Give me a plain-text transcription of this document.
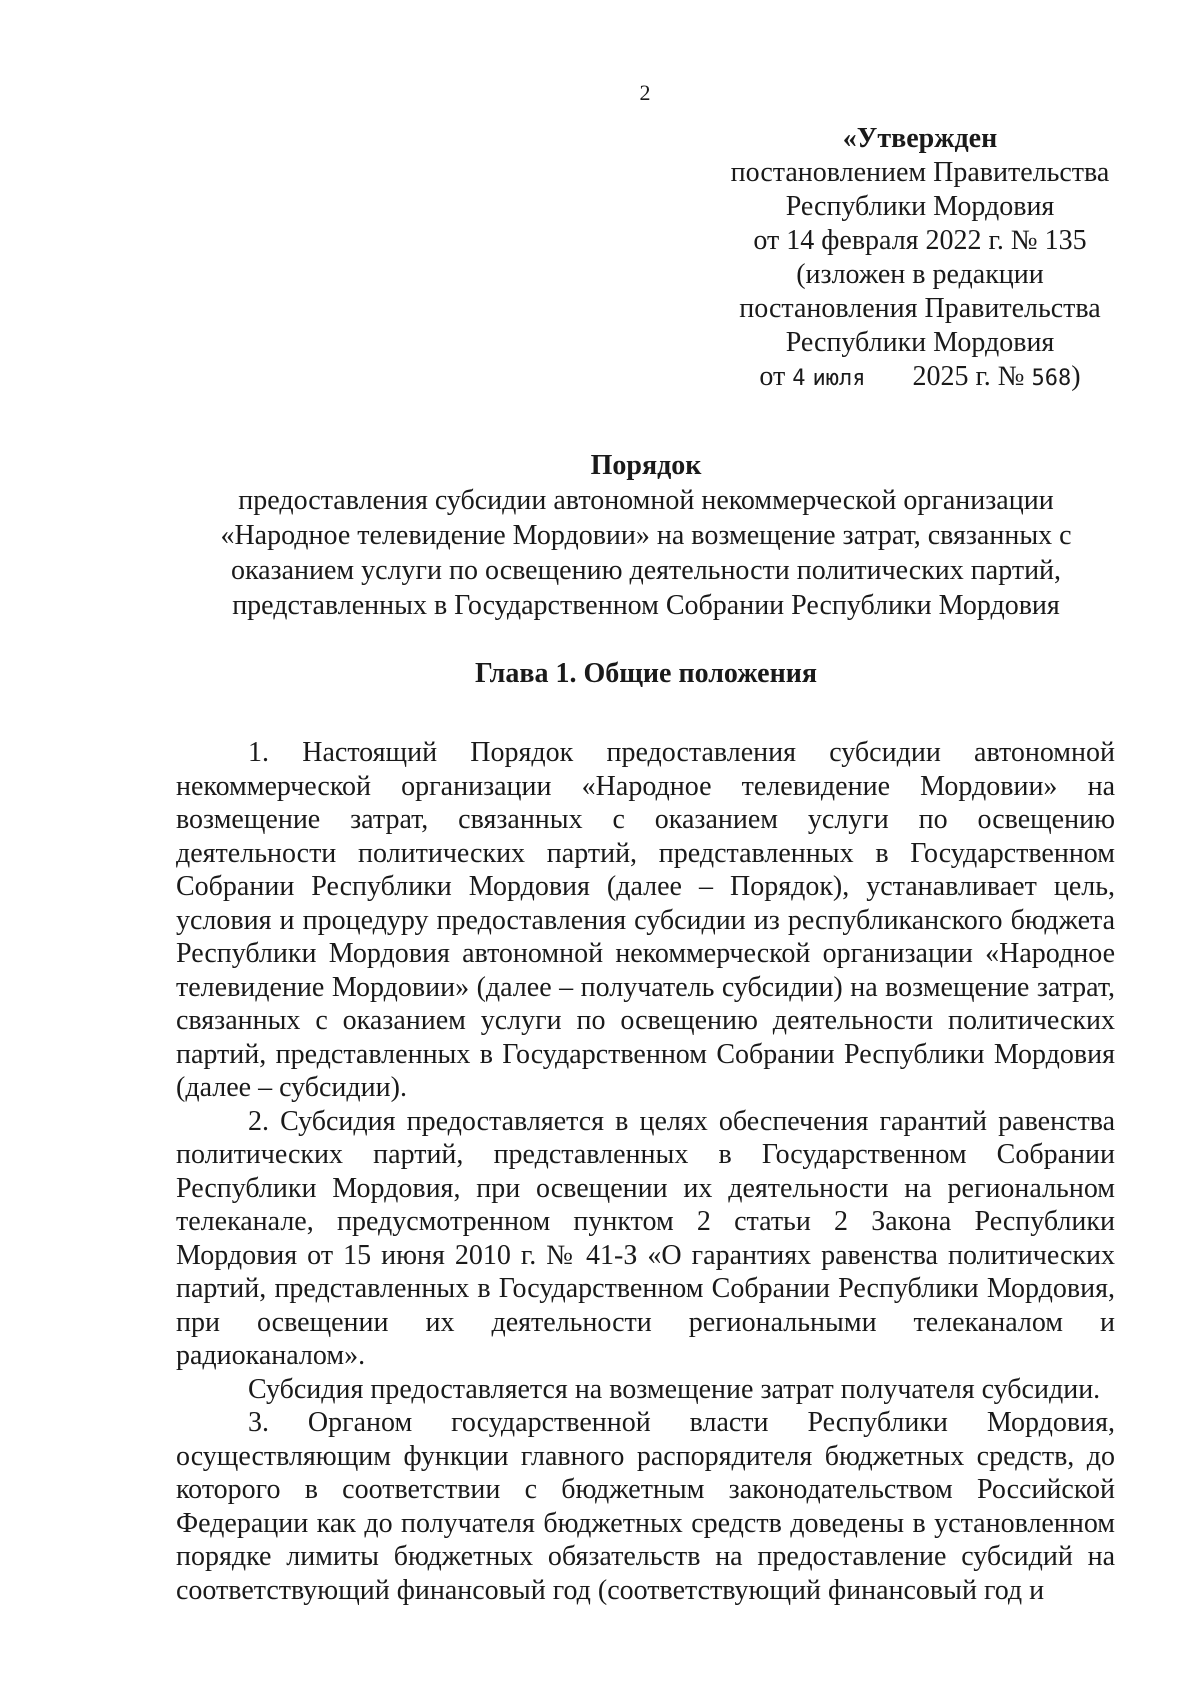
2
«Утвержден
постановлением Правительства
Республики Мордовия
от 14 февраля 2022 г. № 135
(изложен в редакции
постановления Правительства
Республики Мордовия
от 4 июля 2025 г. № 568)
Порядок
предоставления субсидии автономной некоммерческой организации
«Народное телевидение Мордовии» на возмещение затрат, связанных с
оказанием услуги по освещению деятельности политических партий,
представленных в Государственном Собрании Республики Мордовия
Глава 1. Общие положения

1. Настоящий Порядок предоставления субсидии автономной некоммерческой организации «Народное телевидение Мордовии» на возмещение затрат, связанных с оказанием услуги по освещению деятельности политических партий, представленных в Государственном Собрании Республики Мордовия (далее – Порядок), устанавливает цель, условия и процедуру предоставления субсидии из республиканского бюджета Республики Мордовия автономной некоммерческой организации «Народное телевидение Мордовии» (далее – получатель субсидии) на возмещение затрат, связанных с оказанием услуги по освещению деятельности политических партий, представленных в Государственном Собрании Республики Мордовия (далее – субсидии).

2. Субсидия предоставляется в целях обеспечения гарантий равенства политических партий, представленных в Государственном Собрании Республики Мордовия, при освещении их деятельности на региональном телеканале, предусмотренном пунктом 2 статьи 2 Закона Республики Мордовия от 15 июня 2010 г. № 41-З «О гарантиях равенства политических партий, представленных в Государственном Собрании Республики Мордовия, при освещении их деятельности региональными телеканалом и радиоканалом».

Субсидия предоставляется на возмещение затрат получателя субсидии.

3. Органом государственной власти Республики Мордовия, осуществляющим функции главного распорядителя бюджетных средств, до которого в соответствии с бюджетным законодательством Российской Федерации как до получателя бюджетных средств доведены в установленном порядке лимиты бюджетных обязательств на предоставление субсидий на соответствующий финансовый год (соответствующий финансовый год и
